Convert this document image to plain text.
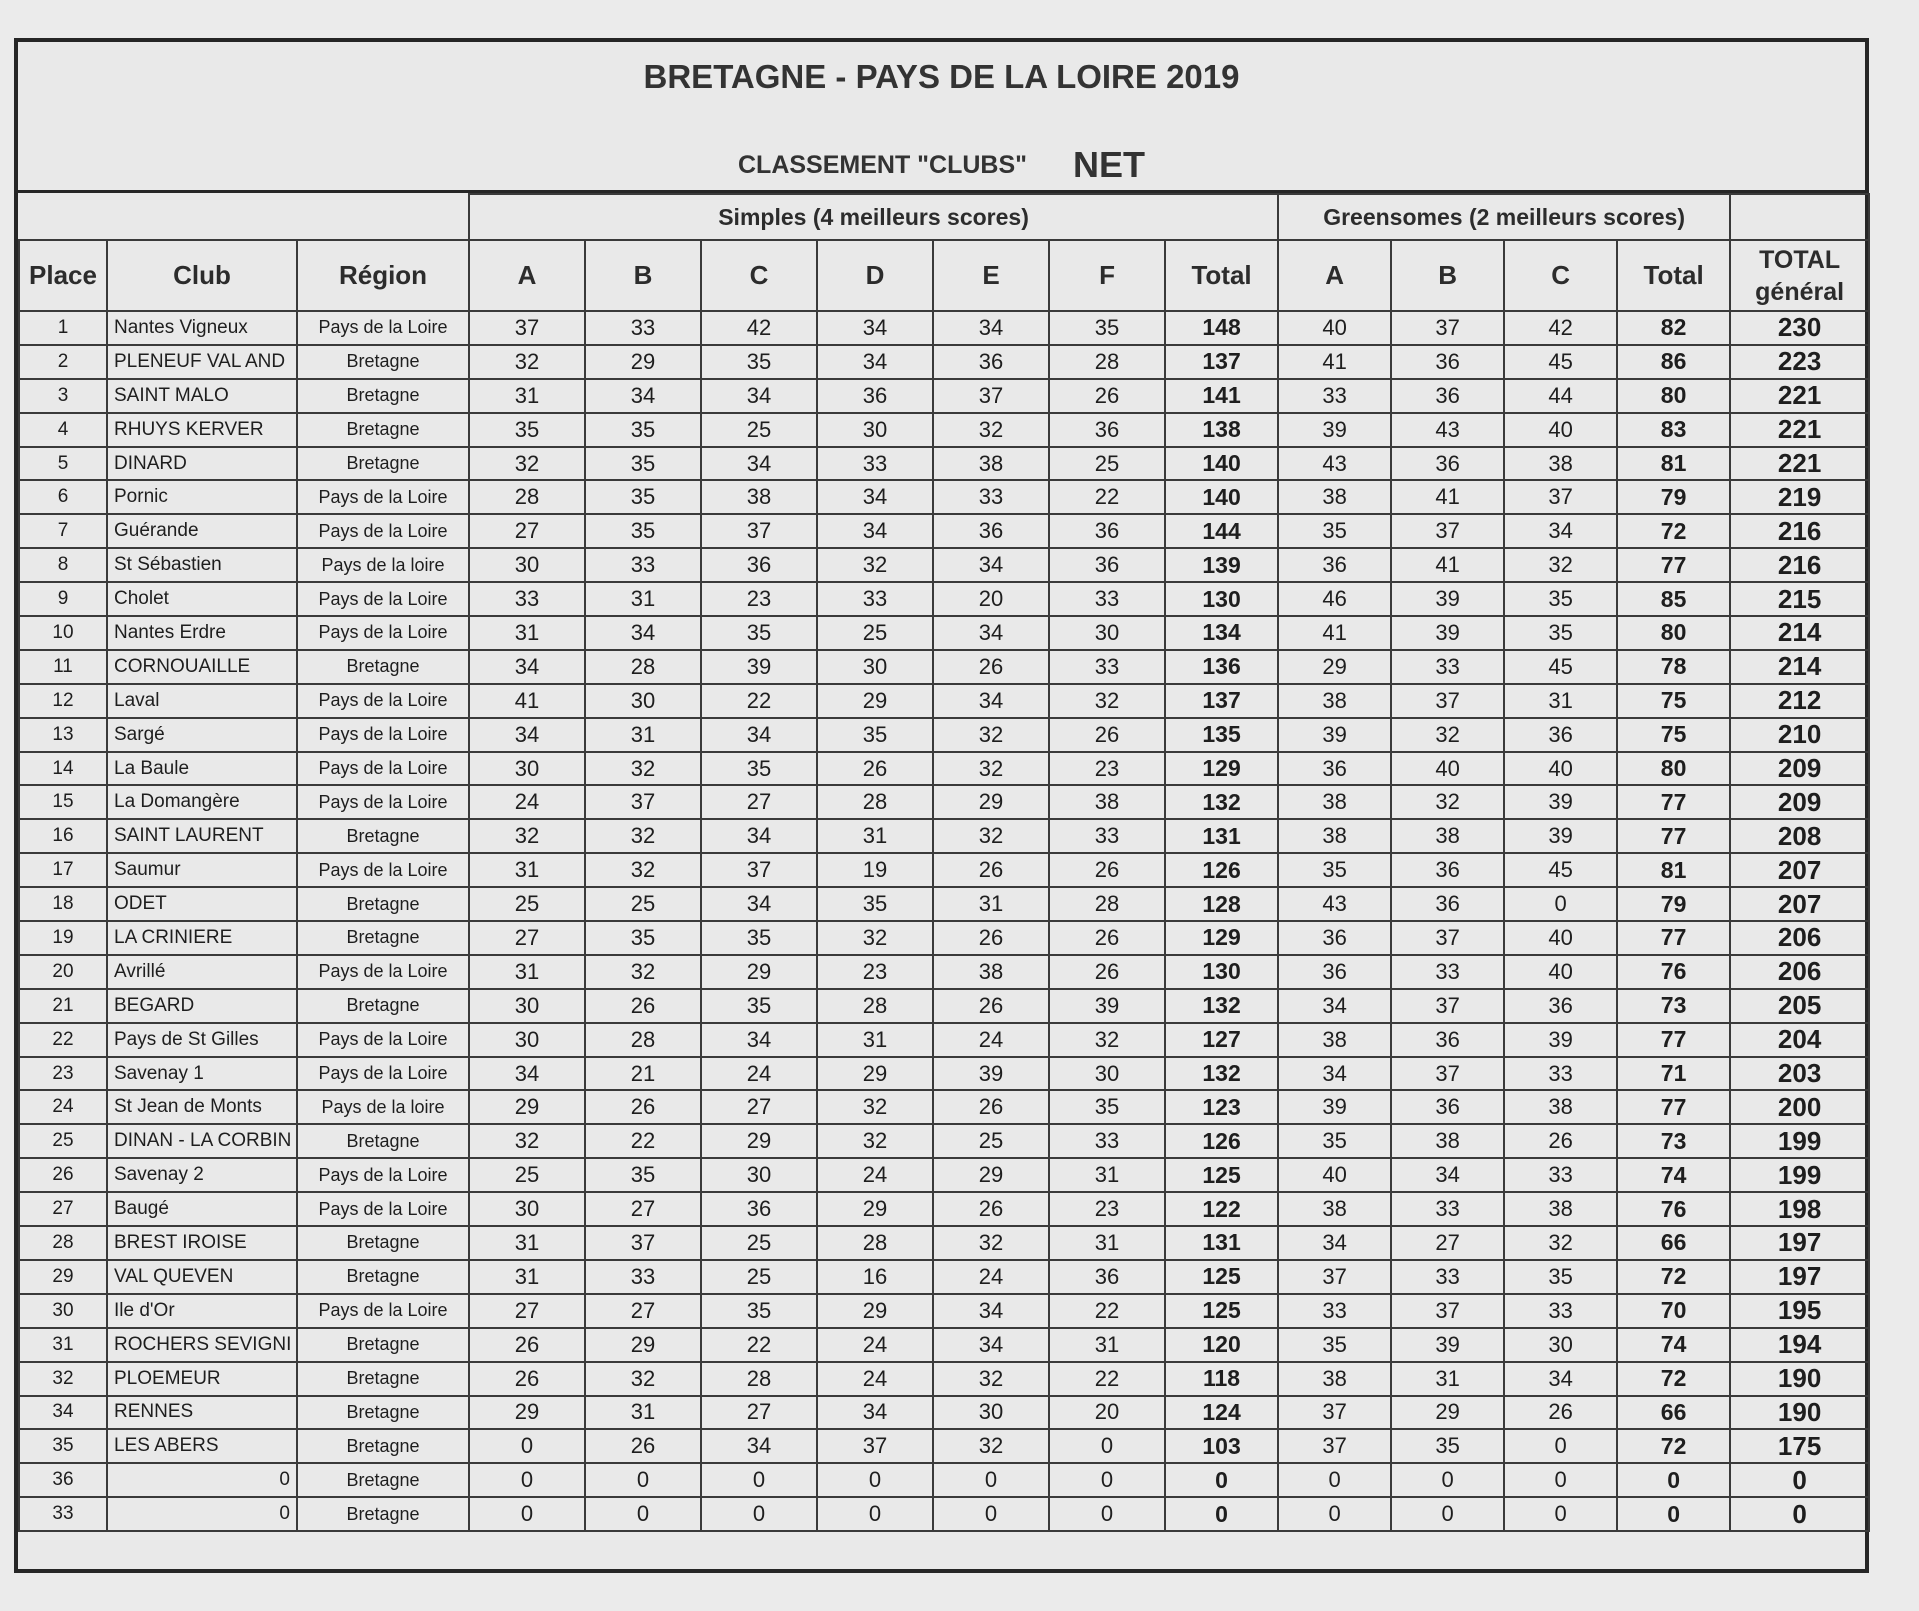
BRETAGNE - PAYS DE LA LOIRE 2019
CLASSEMENT "CLUBS" NET
			Simples (4 meilleurs scores)							Greensomes (2 meilleurs scores)				
Place	Club	Région	A	B	C	D	E	F	Total	A	B	C	Total	TOTAL général
1	Nantes Vigneux	Pays de la Loire	37	33	42	34	34	35	148	40	37	42	82	230
2	PLENEUF VAL AND	Bretagne	32	29	35	34	36	28	137	41	36	45	86	223
3	SAINT MALO	Bretagne	31	34	34	36	37	26	141	33	36	44	80	221
4	RHUYS KERVER	Bretagne	35	35	25	30	32	36	138	39	43	40	83	221
5	DINARD	Bretagne	32	35	34	33	38	25	140	43	36	38	81	221
6	Pornic	Pays de la Loire	28	35	38	34	33	22	140	38	41	37	79	219
7	Guérande	Pays de la Loire	27	35	37	34	36	36	144	35	37	34	72	216
8	St Sébastien	Pays de la loire	30	33	36	32	34	36	139	36	41	32	77	216
9	Cholet	Pays de la Loire	33	31	23	33	20	33	130	46	39	35	85	215
10	Nantes Erdre	Pays de la Loire	31	34	35	25	34	30	134	41	39	35	80	214
11	CORNOUAILLE	Bretagne	34	28	39	30	26	33	136	29	33	45	78	214
12	Laval	Pays de la Loire	41	30	22	29	34	32	137	38	37	31	75	212
13	Sargé	Pays de la Loire	34	31	34	35	32	26	135	39	32	36	75	210
14	La Baule	Pays de la Loire	30	32	35	26	32	23	129	36	40	40	80	209
15	La Domangère	Pays de la Loire	24	37	27	28	29	38	132	38	32	39	77	209
16	SAINT LAURENT	Bretagne	32	32	34	31	32	33	131	38	38	39	77	208
17	Saumur	Pays de la Loire	31	32	37	19	26	26	126	35	36	45	81	207
18	ODET	Bretagne	25	25	34	35	31	28	128	43	36	0	79	207
19	LA CRINIERE	Bretagne	27	35	35	32	26	26	129	36	37	40	77	206
20	Avrillé	Pays de la Loire	31	32	29	23	38	26	130	36	33	40	76	206
21	BEGARD	Bretagne	30	26	35	28	26	39	132	34	37	36	73	205
22	Pays de St Gilles	Pays de la Loire	30	28	34	31	24	32	127	38	36	39	77	204
23	Savenay 1	Pays de la Loire	34	21	24	29	39	30	132	34	37	33	71	203
24	St Jean de Monts	Pays de la loire	29	26	27	32	26	35	123	39	36	38	77	200
25	DINAN - LA CORBIN	Bretagne	32	22	29	32	25	33	126	35	38	26	73	199
26	Savenay 2	Pays de la Loire	25	35	30	24	29	31	125	40	34	33	74	199
27	Baugé	Pays de la Loire	30	27	36	29	26	23	122	38	33	38	76	198
28	BREST IROISE	Bretagne	31	37	25	28	32	31	131	34	27	32	66	197
29	VAL QUEVEN	Bretagne	31	33	25	16	24	36	125	37	33	35	72	197
30	Ile d'Or	Pays de la Loire	27	27	35	29	34	22	125	33	37	33	70	195
31	ROCHERS SEVIGNI	Bretagne	26	29	22	24	34	31	120	35	39	30	74	194
32	PLOEMEUR	Bretagne	26	32	28	24	32	22	118	38	31	34	72	190
34	RENNES	Bretagne	29	31	27	34	30	20	124	37	29	26	66	190
35	LES ABERS	Bretagne	0	26	34	37	32	0	103	37	35	0	72	175
36	0	Bretagne	0	0	0	0	0	0	0	0	0	0	0	0
33	0	Bretagne	0	0	0	0	0	0	0	0	0	0	0	0
